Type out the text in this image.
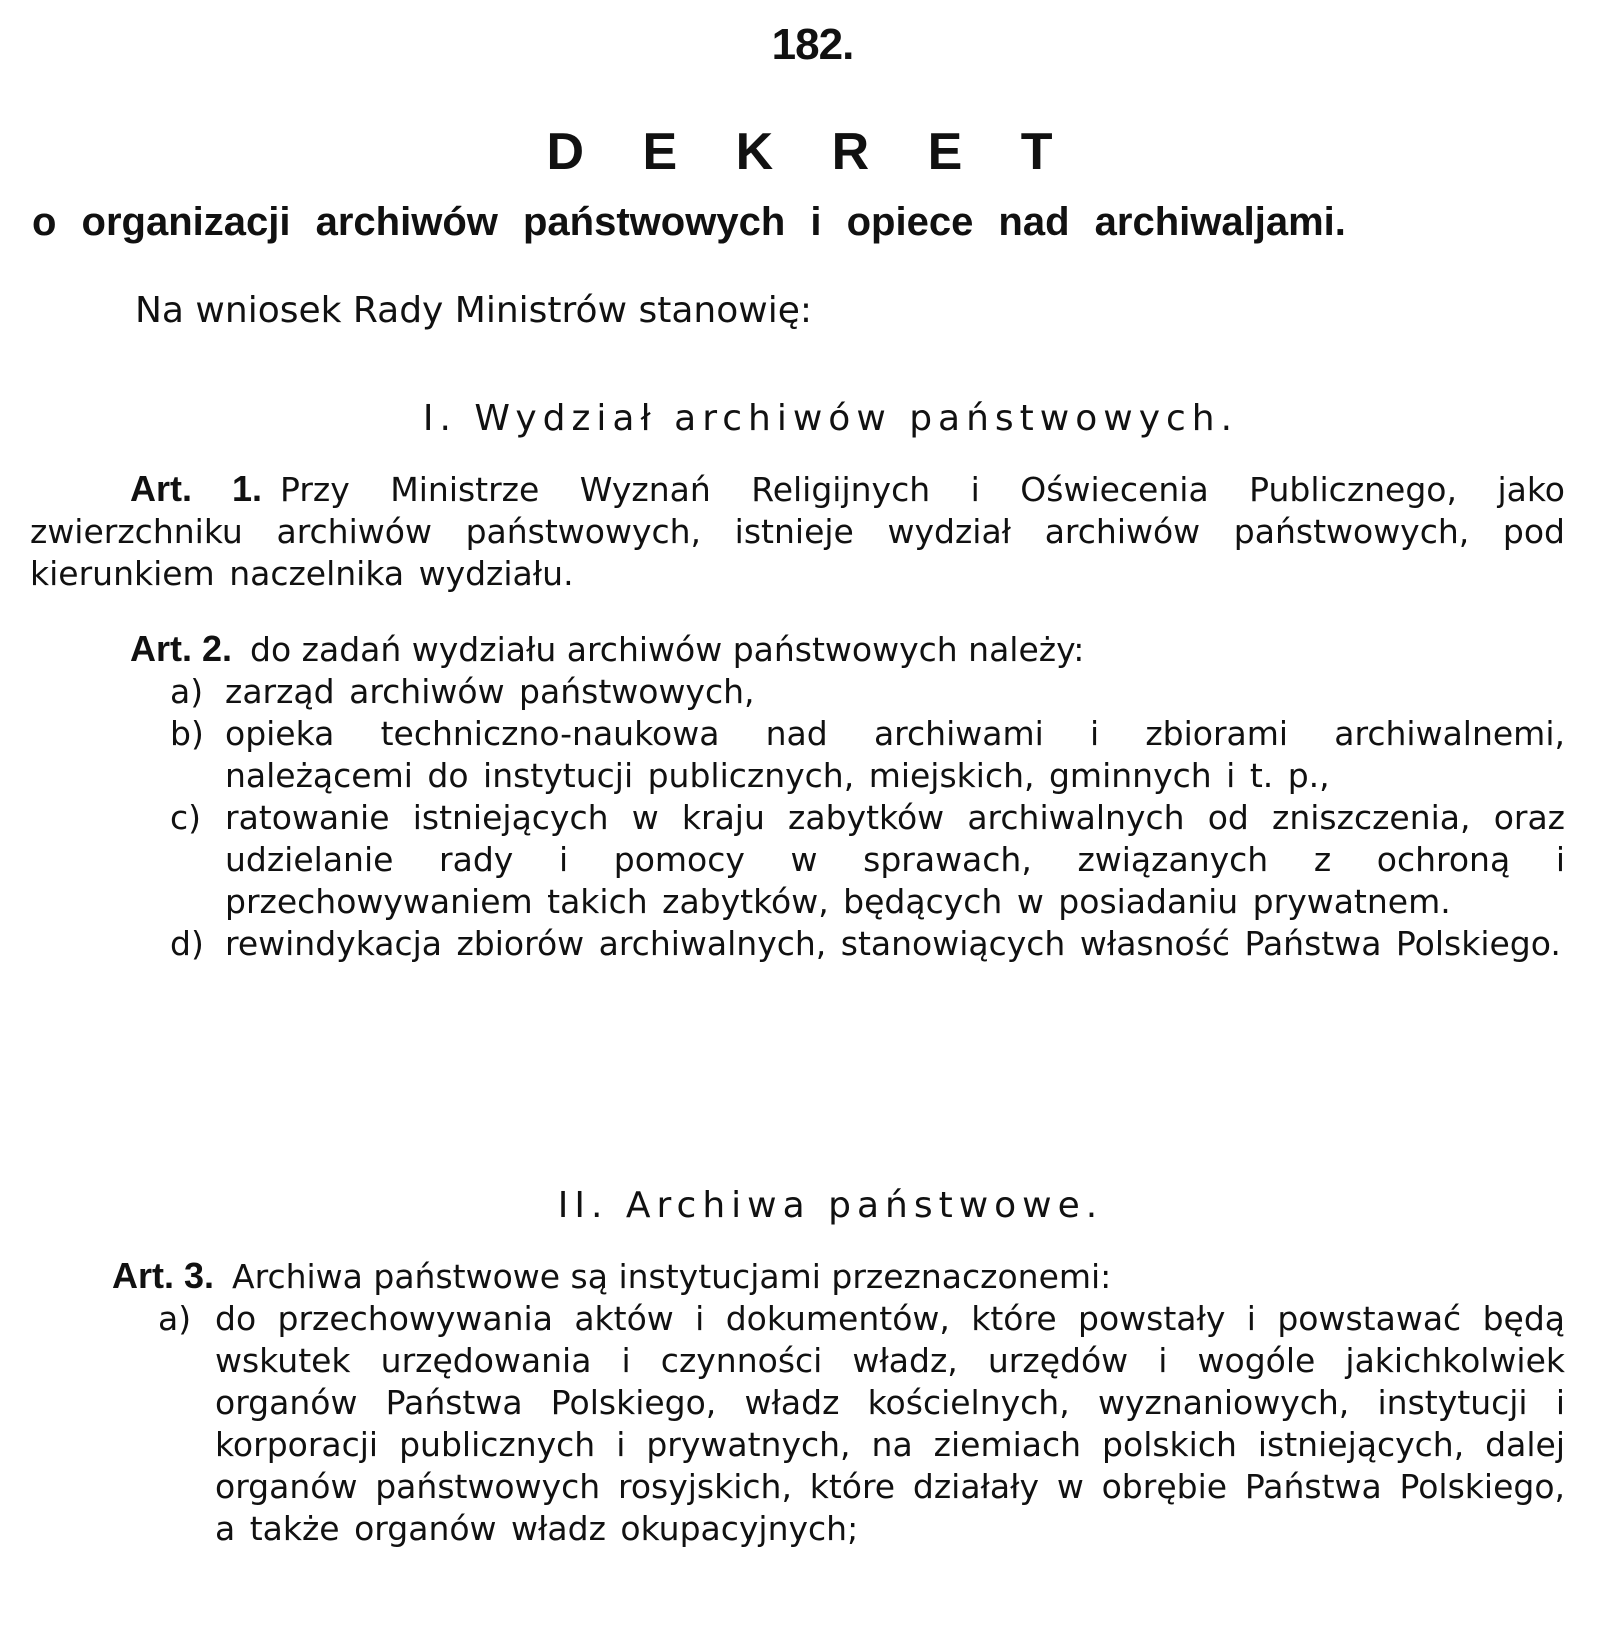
182.
D E K R E T
o organizacji archiwów państwowych i opiece nad archiwaljami.
Na wniosek Rady Ministrów stanowię:
I. Wydział archiwów państwowych.

Art. 1. Przy Ministrze Wyznań Religijnych i Oświecenia Publicznego, jako zwierzchniku archiwów państwowych, istnieje wydział archiwów państwowych, pod kierunkiem naczelnika wydziału.

Art. 2. do zadań wydziału archiwów państwowych należy:

a) zarząd archiwów państwowych,
b) opieka techniczno-naukowa nad archiwami i zbiorami archiwalnemi, należącemi do instytucji publicznych, miejskich, gminnych i t. p.,
c) ratowanie istniejących w kraju zabytków archiwalnych od zniszczenia, oraz udzielanie rady i pomocy w sprawach, związanych z ochroną i przechowywaniem takich zabytków, będących w posiadaniu prywatnem.
d) rewindykacja zbiorów archiwalnych, stanowiących własność Państwa Polskiego.
II. Archiwa państwowe.

Art. 3. Archiwa państwowe są instytucjami przeznaczonemi:

a) do przechowywania aktów i dokumentów, które powstały i powstawać będą wskutek urzędowania i czynności władz, urzędów i wogóle jakichkolwiek organów Państwa Polskiego, władz kościelnych, wyznaniowych, instytucji i korporacji publicznych i prywatnych, na ziemiach polskich istniejących, dalej organów państwowych rosyjskich, które działały w obrębie Państwa Polskiego, a także organów władz okupacyjnych;
